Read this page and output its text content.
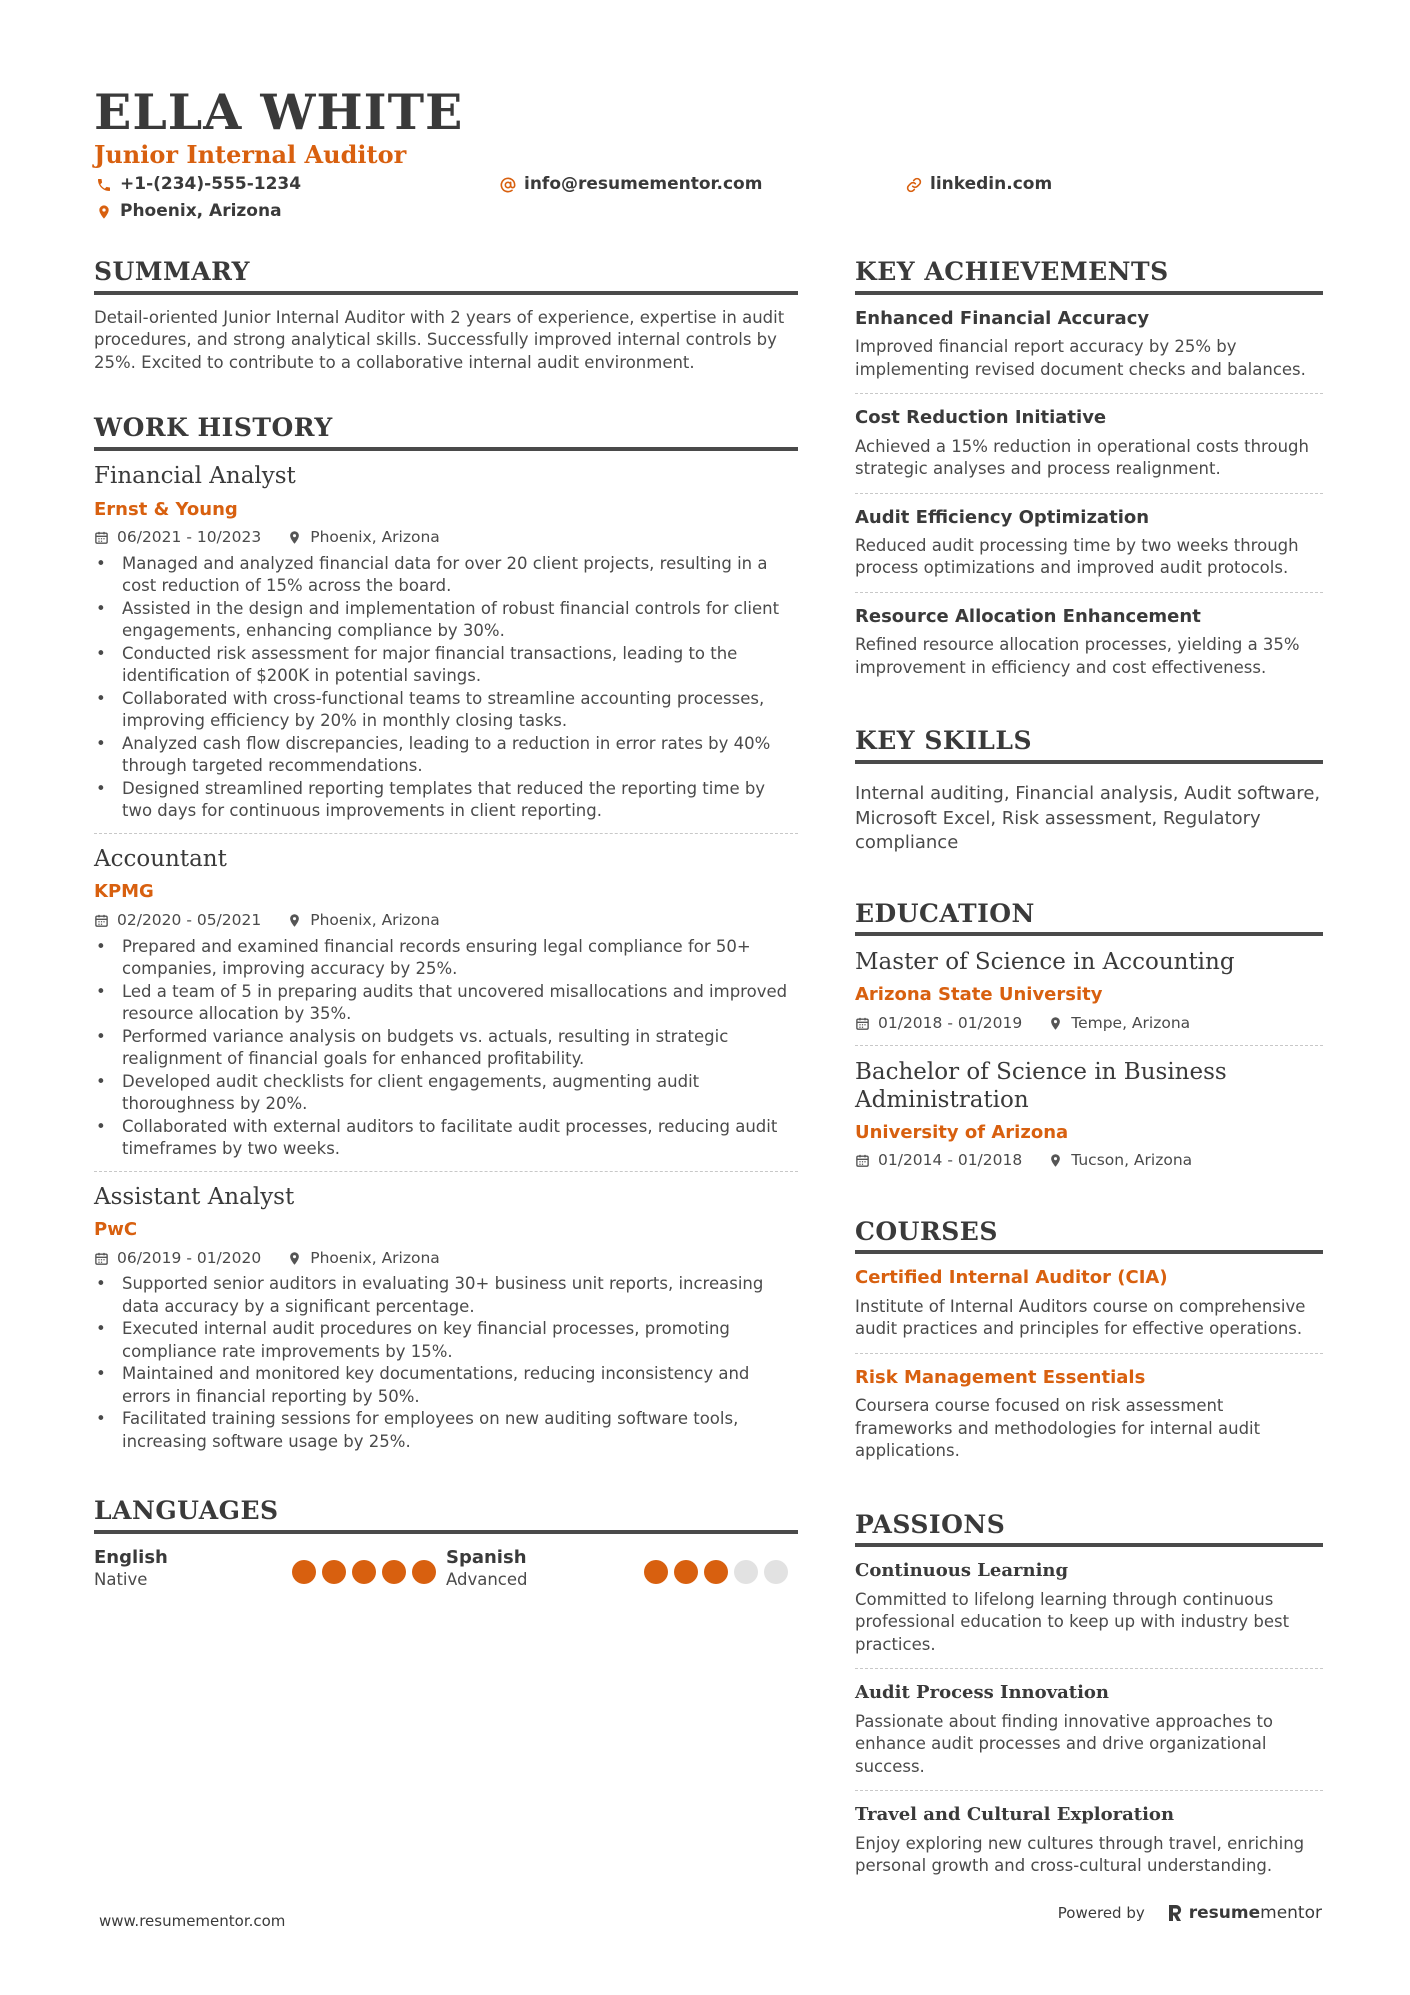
ELLA WHITE
Junior Internal Auditor
+1-(234)-555-1234	info@resumementor.com	linkedin.com
Phoenix, Arizona
SUMMARY

Detail-oriented Junior Internal Auditor with 2 years of experience, expertise in audit procedures, and strong analytical skills. Successfully improved internal controls by 25%. Excited to contribute to a collaborative internal audit environment.

WORK HISTORY
Financial Analyst
Ernst & Young
06/2021 - 10/2023	Phoenix, Arizona
• Managed and analyzed financial data for over 20 client projects, resulting in a cost reduction of 15% across the board.
• Assisted in the design and implementation of robust financial controls for client engagements, enhancing compliance by 30%.
• Conducted risk assessment for major financial transactions, leading to the identification of $200K in potential savings.
• Collaborated with cross-functional teams to streamline accounting processes, improving efficiency by 20% in monthly closing tasks.
• Analyzed cash flow discrepancies, leading to a reduction in error rates by 40% through targeted recommendations.
• Designed streamlined reporting templates that reduced the reporting time by two days for continuous improvements in client reporting.
Accountant
KPMG
02/2020 - 05/2021	Phoenix, Arizona
• Prepared and examined financial records ensuring legal compliance for 50+ companies, improving accuracy by 25%.
• Led a team of 5 in preparing audits that uncovered misallocations and improved resource allocation by 35%.
• Performed variance analysis on budgets vs. actuals, resulting in strategic realignment of financial goals for enhanced profitability.
• Developed audit checklists for client engagements, augmenting audit thoroughness by 20%.
• Collaborated with external auditors to facilitate audit processes, reducing audit timeframes by two weeks.
Assistant Analyst
PwC
06/2019 - 01/2020	Phoenix, Arizona
• Supported senior auditors in evaluating 30+ business unit reports, increasing data accuracy by a significant percentage.
• Executed internal audit procedures on key financial processes, promoting compliance rate improvements by 15%.
• Maintained and monitored key documentations, reducing inconsistency and errors in financial reporting by 50%.
• Facilitated training sessions for employees on new auditing software tools, increasing software usage by 25%.
LANGUAGES
English
Native
Spanish
Advanced
KEY ACHIEVEMENTS
Enhanced Financial Accuracy
Improved financial report accuracy by 25% by implementing revised document checks and balances.
Cost Reduction Initiative
Achieved a 15% reduction in operational costs through strategic analyses and process realignment.
Audit Efficiency Optimization
Reduced audit processing time by two weeks through process optimizations and improved audit protocols.
Resource Allocation Enhancement
Refined resource allocation processes, yielding a 35% improvement in efficiency and cost effectiveness.
KEY SKILLS
Internal auditing, Financial analysis, Audit software, Microsoft Excel, Risk assessment, Regulatory compliance
EDUCATION
Master of Science in Accounting
Arizona State University
01/2018 - 01/2019	Tempe, Arizona
Bachelor of Science in Business Administration
University of Arizona
01/2014 - 01/2018	Tucson, Arizona
COURSES
Certified Internal Auditor (CIA)
Institute of Internal Auditors course on comprehensive audit practices and principles for effective operations.
Risk Management Essentials
Coursera course focused on risk assessment frameworks and methodologies for internal audit applications.
PASSIONS
Continuous Learning
Committed to lifelong learning through continuous professional education to keep up with industry best practices.
Audit Process Innovation
Passionate about finding innovative approaches to enhance audit processes and drive organizational success.
Travel and Cultural Exploration
Enjoy exploring new cultures through travel, enriching personal growth and cross-cultural understanding.
www.resumementor.com	Powered by	resumementor
